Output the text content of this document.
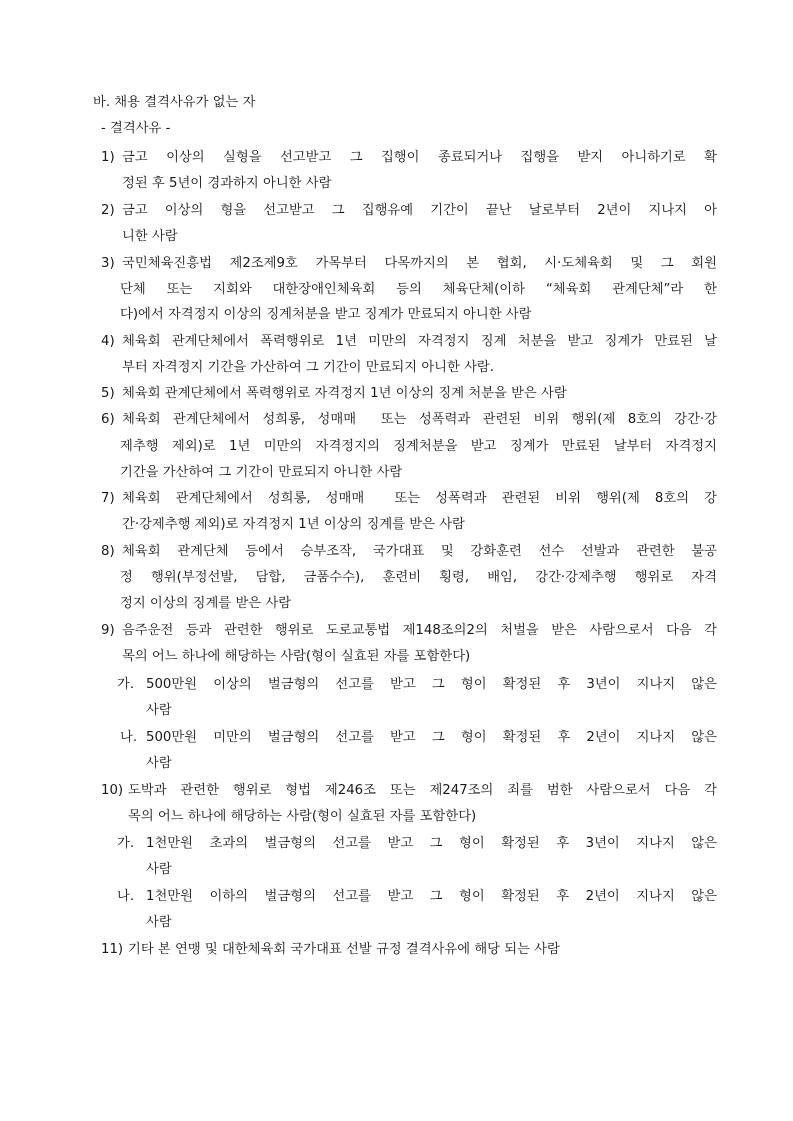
바. 채용 결격사유가 없는 자
- 결격사유 -
1) 금고 이상의 실형을 선고받고 그 집행이 종료되거나 집행을 받지 아니하기로 확
정된 후 5년이 경과하지 아니한 사람
2) 금고 이상의 형을 선고받고 그 집행유예 기간이 끝난 날로부터 2년이 지나지 아
니한 사람
3) 국민체육진흥법 제2조제9호 가목부터 다목까지의 본 협회, 시·도체육회 및 그 회원
단체 또는 지회와 대한장애인체육회 등의 체육단체(이하 “체육회 관계단체”라 한
다)에서 자격정지 이상의 징계처분을 받고 징계가 만료되지 아니한 사람
4) 체육회 관계단체에서 폭력행위로 1년 미만의 자격정지 징계 처분을 받고 징계가 만료된 날
부터 자격정지 기간을 가산하여 그 기간이 만료되지 아니한 사람.
5) 체육회 관계단체에서 폭력행위로 자격정지 1년 이상의 징계 처분을 받은 사람
6) 체육회 관계단체에서 성희롱, 성매매  또는 성폭력과 관련된 비위 행위(제 8호의 강간·강
제추행 제외)로 1년 미만의 자격정지의 징계처분을 받고 징계가 만료된 날부터 자격정지
기간을 가산하여 그 기간이 만료되지 아니한 사람
7) 체육회 관계단체에서 성희롱, 성매매  또는 성폭력과 관련된 비위 행위(제 8호의 강
간·강제추행 제외)로 자격정지 1년 이상의 징계를 받은 사람
8) 체육회 관계단체 등에서 승부조작, 국가대표 및 강화훈련 선수 선발과 관련한 불공
정 행위(부정선발, 담합, 금품수수), 훈련비 횡령, 배임, 강간·강제추행 행위로 자격
정지 이상의 징계를 받은 사람
9) 음주운전 등과 관련한 행위로 도로교통법 제148조의2의 처벌을 받은 사람으로서 다음 각
목의 어느 하나에 해당하는 사람(형이 실효된 자를 포함한다)
가. 500만원 이상의 벌금형의 선고를 받고 그 형이 확정된 후 3년이 지나지 않은
사람
나. 500만원 미만의 벌금형의 선고를 받고 그 형이 확정된 후 2년이 지나지 않은
사람
10) 도박과 관련한 행위로 형법 제246조 또는 제247조의 죄를 범한 사람으로서 다음 각
목의 어느 하나에 해당하는 사람(형이 실효된 자를 포함한다)
가. 1천만원 초과의 벌금형의 선고를 받고 그 형이 확정된 후 3년이 지나지 않은
사람
나. 1천만원 이하의 벌금형의 선고를 받고 그 형이 확정된 후 2년이 지나지 않은
사람
11) 기타 본 연맹 및 대한체육회 국가대표 선발 규정 결격사유에 해당 되는 사람
